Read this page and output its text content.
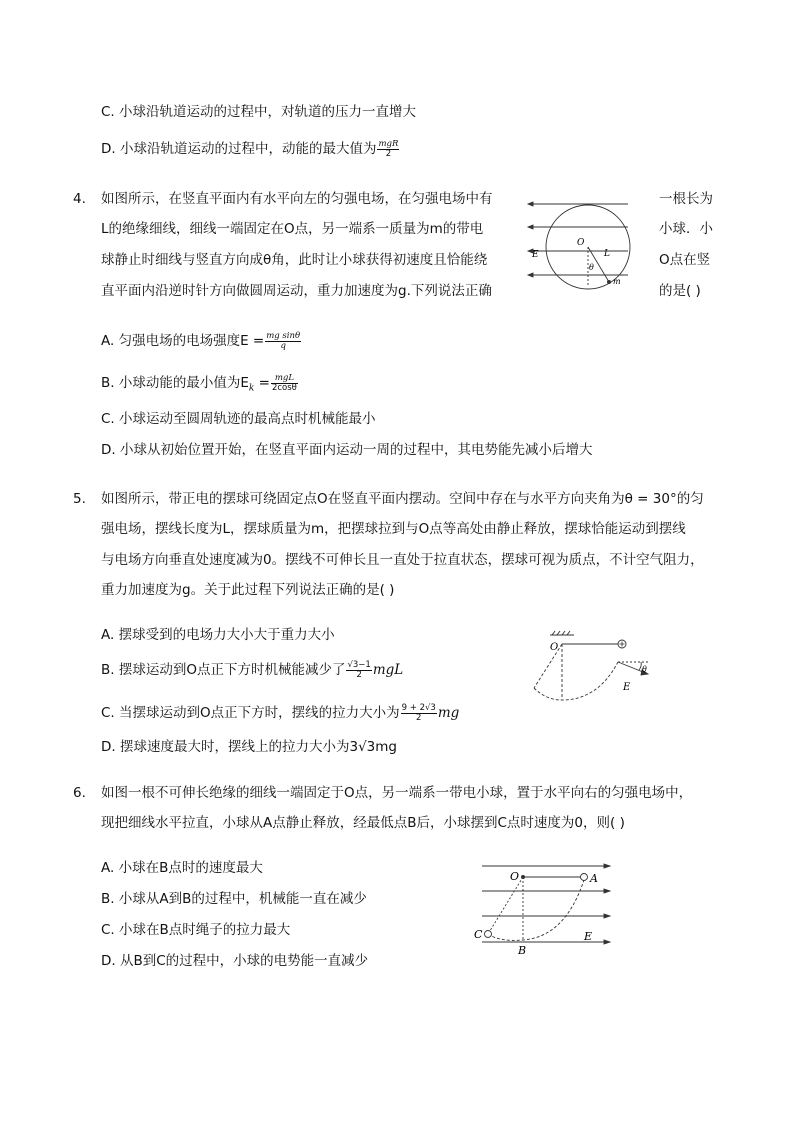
C. 小球沿轨道运动的过程中，对轨道的压力一直增大
D. 小球沿轨道运动的过程中，动能的最大值为 $\frac{\text{mgR}}{2}$
4. 如图所示，在竖直平面内有水平向左的匀强电场，在匀强电场中有	一根长为
L的绝缘细线，细线一端固定在O点，另一端系一质量为m的带电	小球．小
球静止时细线与竖直方向成θ角，此时让小球获得初速度且恰能绕	O点在竖
直平面内沿逆时针方向做圆周运动，重力加速度为g.下列说法正确	的是( )
E
O
L
θ
m
A. 匀强电场的电场强度$E = \frac{\text{mg sinθ}}{q}$
B. 小球动能的最小值为$E_k = \frac{\text{mgL}}{2\cos\theta}$
C. 小球运动至圆周轨迹的最高点时机械能最小
D. 小球从初始位置开始，在竖直平面内运动一周的过程中，其电势能先减小后增大
5. 如图所示，带正电的摆球可绕固定点O在竖直平面内摆动。空间中存在与水平方向夹角为θ = 30°的匀
强电场，摆线长度为L，摆球质量为m，把摆球拉到与O点等高处由静止释放，摆球恰能运动到摆线
与电场方向垂直处速度减为0。摆线不可伸长且一直处于拉直状态，摆球可视为质点，不计空气阻力，
重力加速度为g。关于此过程下列说法正确的是( )
A. 摆球受到的电场力大小大于重力大小
B. 摆球运动到O点正下方时机械能减少了 $\frac{√3-1}{2}$ mgL
C. 当摆球运动到O点正下方时，摆线的拉力大小为 $\frac{9 + 2√3}{2}$ mg
D. 摆球速度最大时，摆线上的拉力大小为3√3mg
O
E
θ
6. 如图一根不可伸长绝缘的细线一端固定于O点，另一端系一带电小球，置于水平向右的匀强电场中，
现把细线水平拉直，小球从A点静止释放，经最低点B后，小球摆到C点时速度为0，则( )
A. 小球在B点时的速度最大
B. 小球从A到B的过程中，机械能一直在减少
C. 小球在B点时绳子的拉力最大
D. 从B到C的过程中，小球的电势能一直减少
O	A
C
B
E
